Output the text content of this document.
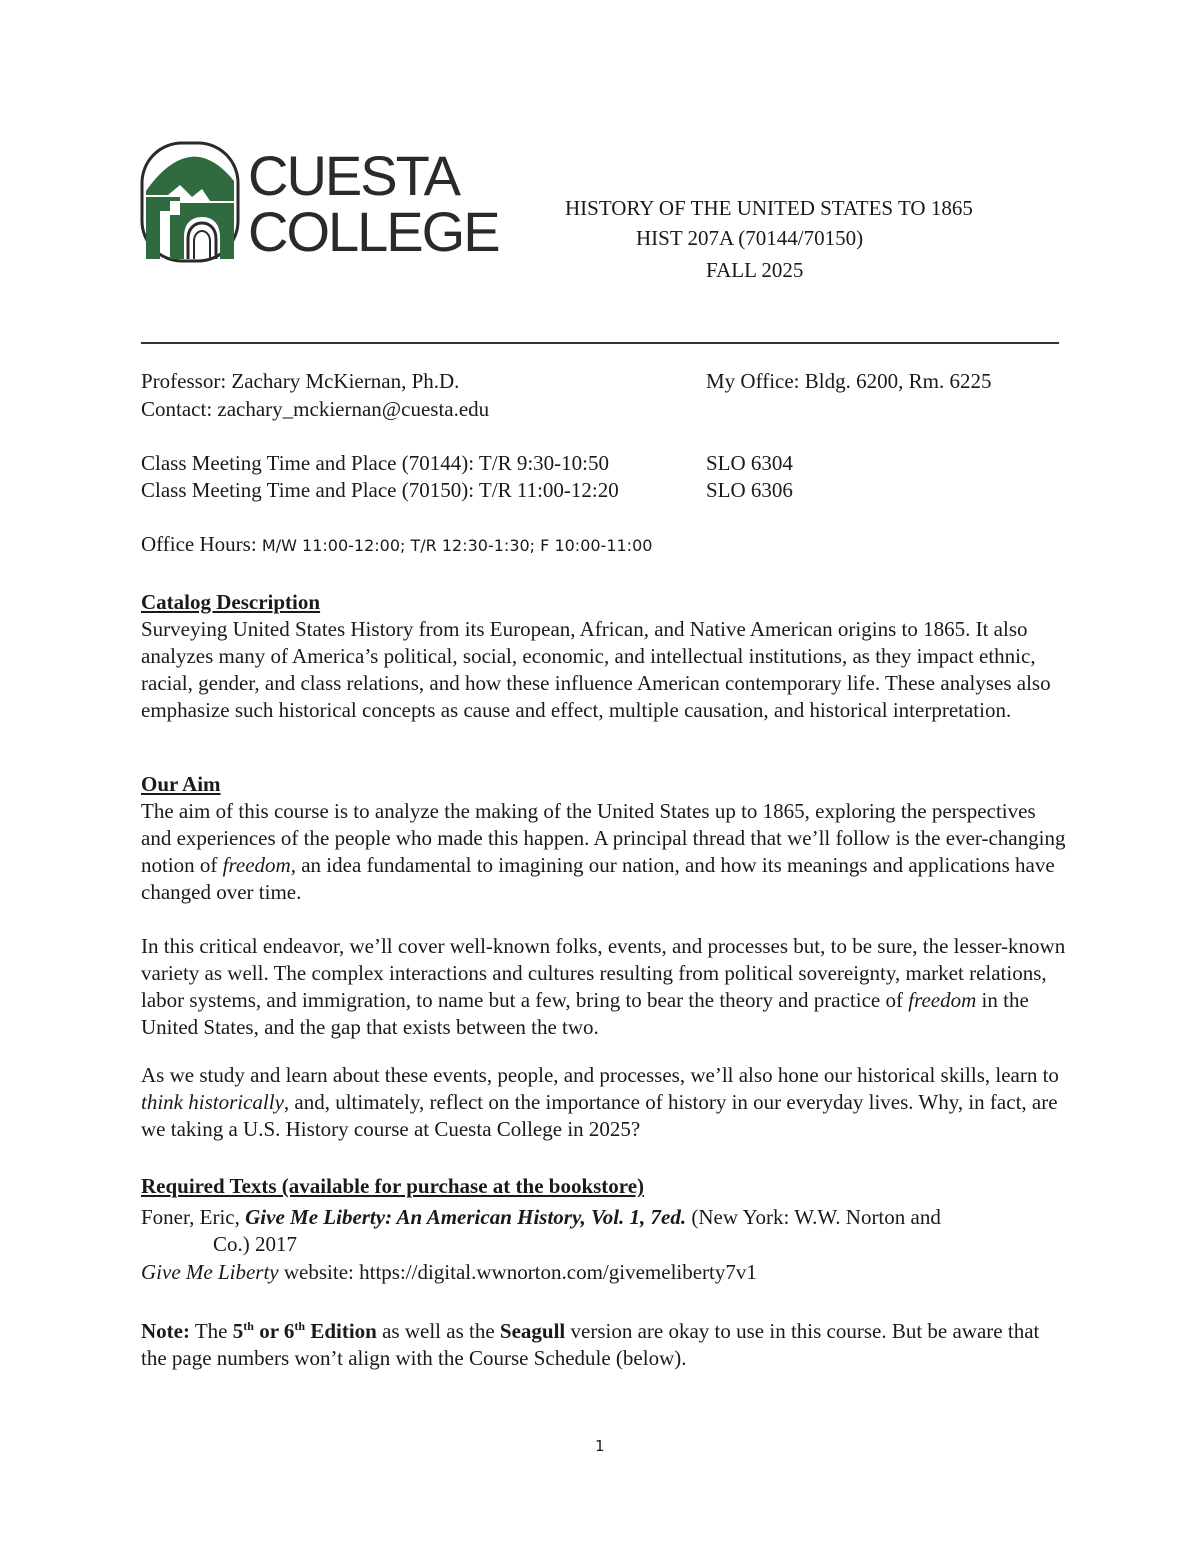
CUESTA
COLLEGE	HISTORY OF THE UNITED STATES TO 1865
HIST 207A (70144/70150)
FALL 2025
Professor: Zachary McKiernan, Ph.D.	My Office: Bldg. 6200, Rm. 6225
Contact: zachary_mckiernan@cuesta.edu
Class Meeting Time and Place (70144): T/R 9:30-10:50	SLO 6304
Class Meeting Time and Place (70150): T/R 11:00-12:20	SLO 6306
Office Hours: M/W 11:00-12:00; T/R 12:30-1:30; F 10:00-11:00
Catalog Description
Surveying United States History from its European, African, and Native American origins to 1865. It also analyzes many of America’s political, social, economic, and intellectual institutions, as they impact ethnic, racial, gender, and class relations, and how these influence American contemporary life. These analyses also emphasize such historical concepts as cause and effect, multiple causation, and historical interpretation.
Our Aim
The aim of this course is to analyze the making of the United States up to 1865, exploring the perspectives and experiences of the people who made this happen. A principal thread that we’ll follow is the ever-changing notion of freedom, an idea fundamental to imagining our nation, and how its meanings and applications have changed over time.
In this critical endeavor, we’ll cover well-known folks, events, and processes but, to be sure, the lesser-known variety as well. The complex interactions and cultures resulting from political sovereignty, market relations, labor systems, and immigration, to name but a few, bring to bear the theory and practice of freedom in the United States, and the gap that exists between the two.
As we study and learn about these events, people, and processes, we’ll also hone our historical skills, learn to think historically, and, ultimately, reflect on the importance of history in our everyday lives. Why, in fact, are we taking a U.S. History course at Cuesta College in 2025?
Required Texts (available for purchase at the bookstore)
Foner, Eric, Give Me Liberty: An American History, Vol. 1, 7ed. (New York: W.W. Norton and
Co.) 2017
Give Me Liberty website: https://digital.wwnorton.com/givemeliberty7v1
Note: The 5th or 6th Edition as well as the Seagull version are okay to use in this course. But be aware that the page numbers won’t align with the Course Schedule (below).
1
